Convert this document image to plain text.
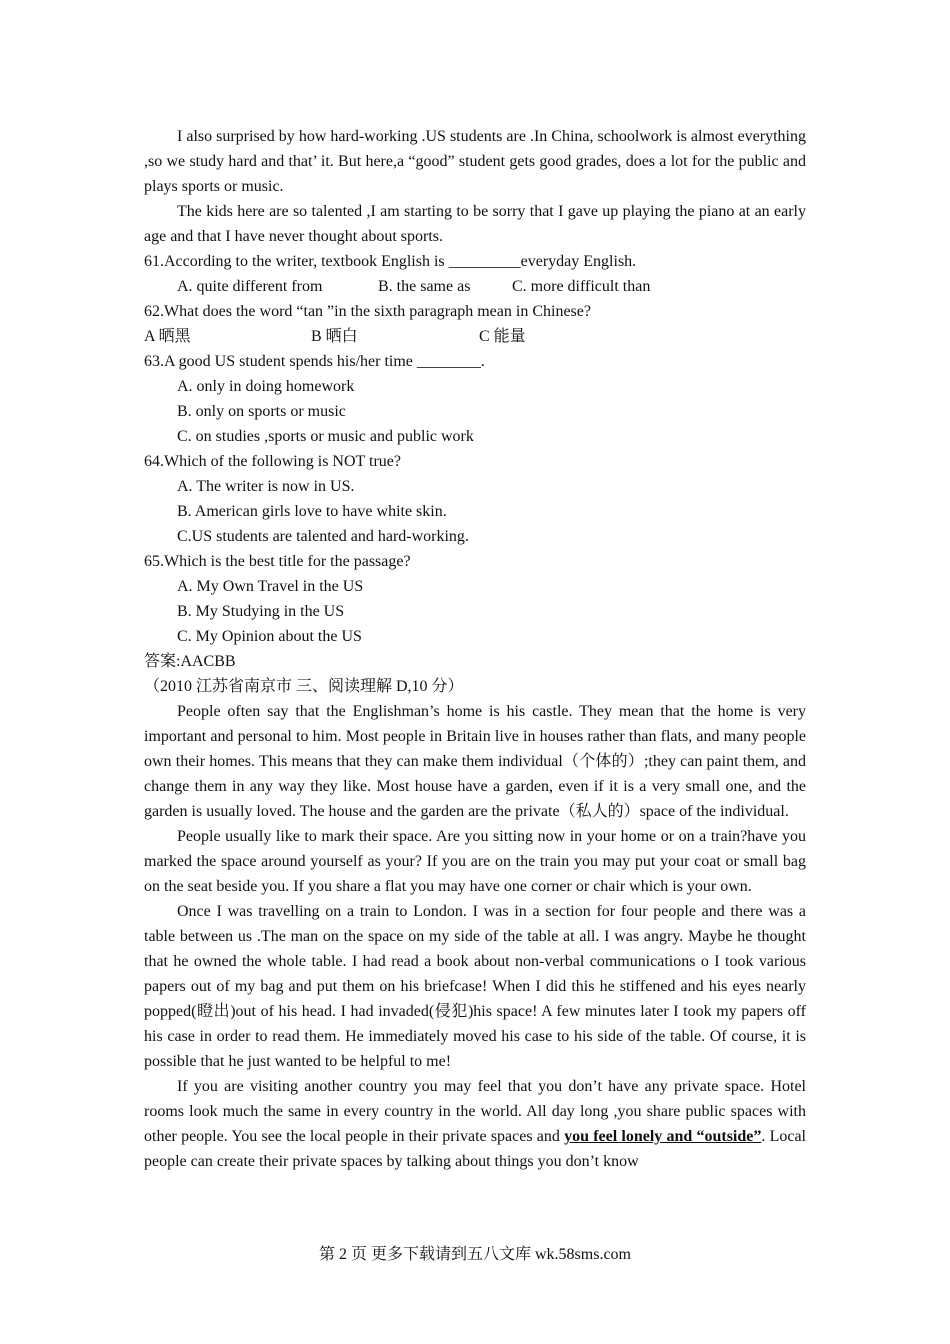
I also surprised by how hard-working .US students are .In China, schoolwork is almost everything ,so we study hard and that’ it. But here,a “good” student gets good grades, does a lot for the public and plays sports or music.

The kids here are so talented ,I am starting to be sorry that I gave up playing the piano at an early age and that I have never thought about sports.

61.According to the writer, textbook English is _________everyday English.

A. quite different from	B. the same as	C. more difficult than

62.What does the word “tan ”in the sixth paragraph mean in Chinese?

A 晒黑	B 晒白	C 能量

63.A good US student spends his/her time ________.

A. only in doing homework

B. only on sports or music

C. on studies ,sports or music and public work

64.Which of the following is NOT true?

A. The writer is now in US.

B. American girls love to have white skin.

C.US students are talented and hard-working.

65.Which is the best title for the passage?

A. My Own Travel in the US

B. My Studying in the US

C. My Opinion about the US

答案:AACBB

（2010 江苏省南京市 三、阅读理解 D,10 分）

People often say that the Englishman’s home is his castle. They mean that the home is very important and personal to him. Most people in Britain live in houses rather than flats, and many people own their homes. This means that they can make them individual（个体的）;they can paint them, and change them in any way they like. Most house have a garden, even if it is a very small one, and the garden is usually loved. The house and the garden are the private（私人的）space of the individual.

People usually like to mark their space. Are you sitting now in your home or on a train?have you marked the space around yourself as your? If you are on the train you may put your coat or small bag on the seat beside you. If you share a flat you may have one corner or chair which is your own.

Once I was travelling on a train to London. I was in a section for four people and there was a table between us .The man on the space on my side of the table at all. I was angry. Maybe he thought that he owned the whole table. I had read a book about non-verbal communications o I took various papers out of my bag and put them on his briefcase! When I did this he stiffened and his eyes nearly popped(瞪出)out of his head. I had invaded(侵犯)his space! A few minutes later I took my papers off his case in order to read them. He immediately moved his case to his side of the table. Of course, it is possible that he just wanted to be helpful to me!

If you are visiting another country you may feel that you don’t have any private space. Hotel rooms look much the same in every country in the world. All day long ,you share public spaces with other people. You see the local people in their private spaces and you feel lonely and “outside”. Local people can create their private spaces by talking about things you don’t know

第 2 页 更多下载请到五八文库 wk.58sms.com
